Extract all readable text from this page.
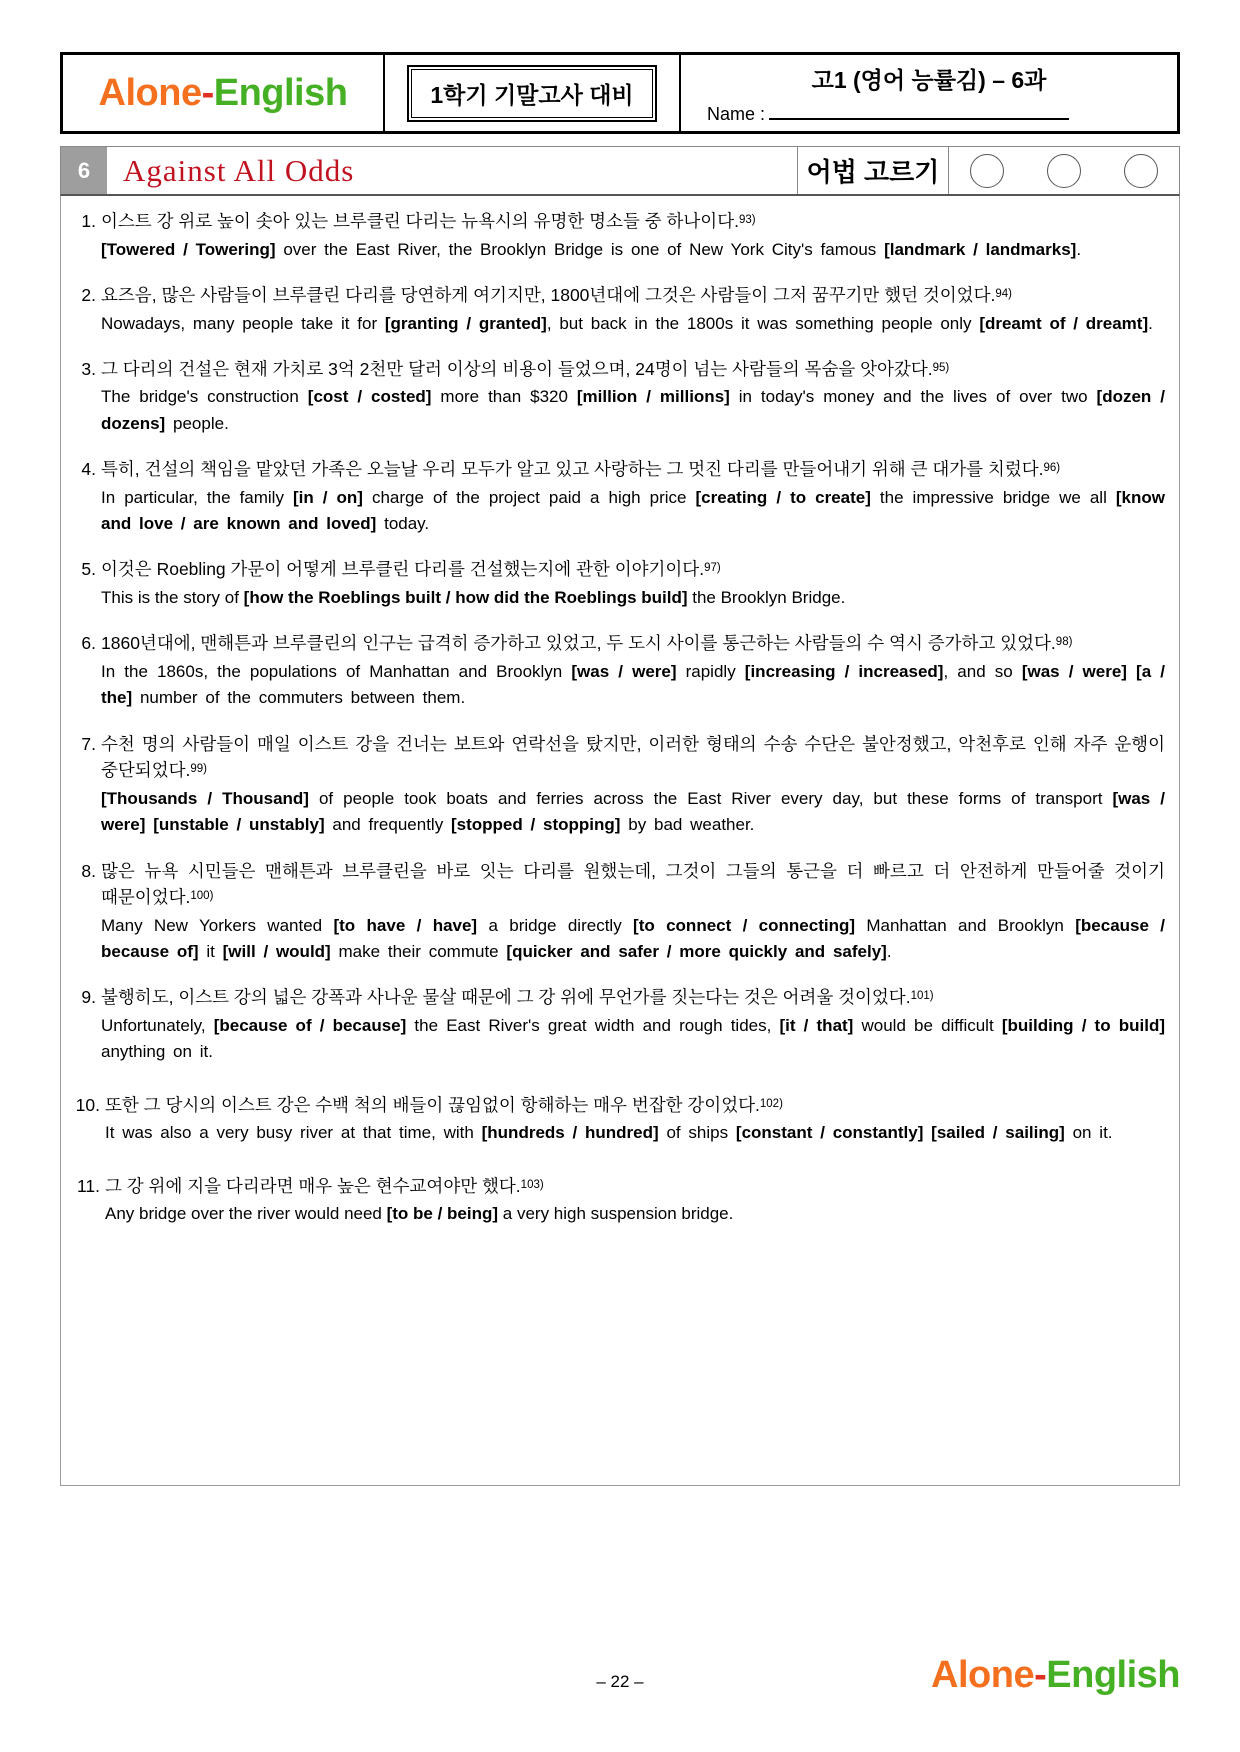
Alone-English	1학기 기말고사 대비
고1 (영어 능률김) – 6과
Name :
6	Against All Odds	어법 고르기
1. 이스트 강 위로 높이 솟아 있는 브루클린 다리는 뉴욕시의 유명한 명소들 중 하나이다.$^{93)}$

[Towered / Towering] over the East River, the Brooklyn Bridge is one of New York City's famous [landmark / landmarks].

2. 요즈음, 많은 사람들이 브루클린 다리를 당연하게 여기지만, 1800년대에 그것은 사람들이 그저 꿈꾸기만 했던 것이었다.$^{94)}$

Nowadays, many people take it for [granting / granted], but back in the 1800s it was something people only [dreamt of / dreamt].

3. 그 다리의 건설은 현재 가치로 3억 2천만 달러 이상의 비용이 들었으며, 24명이 넘는 사람들의 목숨을 앗아갔다.$^{95)}$

The bridge's construction [cost / costed] more than $320 [million / millions] in today's money and the lives of over two [dozen / dozens] people.

4. 특히, 건설의 책임을 맡았던 가족은 오늘날 우리 모두가 알고 있고 사랑하는 그 멋진 다리를 만들어내기 위해 큰 대가를 치렀다.$^{96)}$

In particular, the family [in / on] charge of the project paid a high price [creating / to create] the impressive bridge we all [know and love / are known and loved] today.

5. 이것은 Roebling 가문이 어떻게 브루클린 다리를 건설했는지에 관한 이야기이다.$^{97)}$

This is the story of [how the Roeblings built / how did the Roeblings build] the Brooklyn Bridge.

6. 1860년대에, 맨해튼과 브루클린의 인구는 급격히 증가하고 있었고, 두 도시 사이를 통근하는 사람들의 수 역시 증가하고 있었다.$^{98)}$

In the 1860s, the populations of Manhattan and Brooklyn [was / were] rapidly [increasing / increased], and so [was / were] [a / the] number of the commuters between them.

7. 수천 명의 사람들이 매일 이스트 강을 건너는 보트와 연락선을 탔지만, 이러한 형태의 수송 수단은 불안정했고, 악천후로 인해 자주 운행이 중단되었다.$^{99)}$

[Thousands / Thousand] of people took boats and ferries across the East River every day, but these forms of transport [was / were] [unstable / unstably] and frequently [stopped / stopping] by bad weather.

8. 많은 뉴욕 시민들은 맨해튼과 브루클린을 바로 잇는 다리를 원했는데, 그것이 그들의 통근을 더 빠르고 더 안전하게 만들어줄 것이기 때문이었다.$^{100)}$

Many New Yorkers wanted [to have / have] a bridge directly [to connect / connecting] Manhattan and Brooklyn [because / because of] it [will / would] make their commute [quicker and safer / more quickly and safely].

9. 불행히도, 이스트 강의 넓은 강폭과 사나운 물살 때문에 그 강 위에 무언가를 짓는다는 것은 어려울 것이었다.$^{101)}$

Unfortunately, [because of / because] the East River's great width and rough tides, [it / that] would be difficult [building / to build] anything on it.

10. 또한 그 당시의 이스트 강은 수백 척의 배들이 끊임없이 항해하는 매우 번잡한 강이었다.$^{102)}$

It was also a very busy river at that time, with [hundreds / hundred] of ships [constant / constantly] [sailed / sailing] on it.

11. 그 강 위에 지을 다리라면 매우 높은 현수교여야만 했다.$^{103)}$

Any bridge over the river would need [to be / being] a very high suspension bridge.

– 22 –	Alone-English
